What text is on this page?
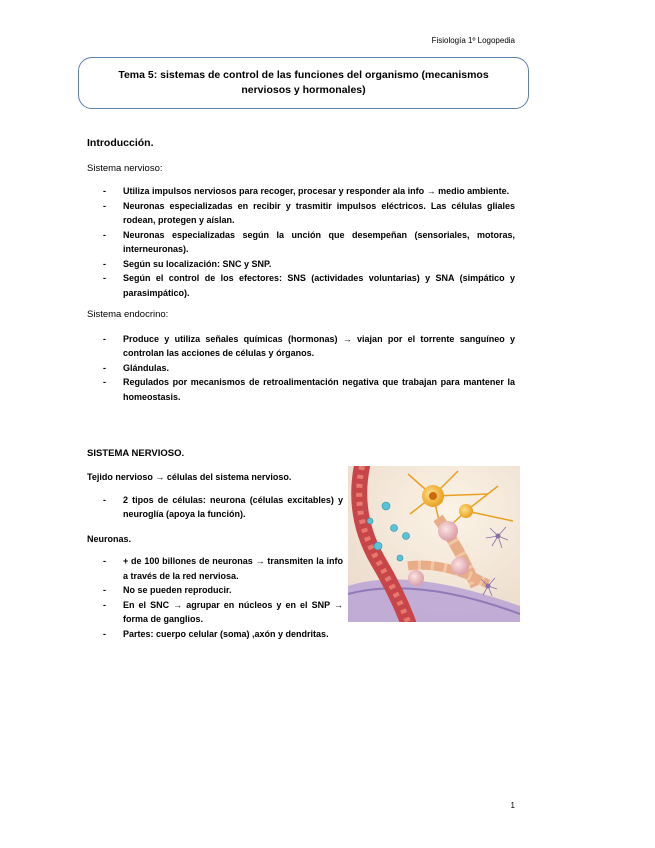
Fisiología 1º Logopedia
Tema 5: sistemas de control de las funciones del organismo (mecanismos nerviosos y hormonales)
Introducción.
Sistema nervioso:
- Utiliza impulsos nerviosos para recoger, procesar y responder ala info → medio ambiente.
- Neuronas especializadas en recibir y trasmitir impulsos eléctricos. Las células gliales rodean, protegen y aíslan.
- Neuronas especializadas según la unción que desempeñan (sensoriales, motoras, interneuronas).
- Según su localización: SNC y SNP.
- Según el control de los efectores: SNS (actividades voluntarias) y SNA (simpático y parasimpático).
Sistema endocrino:
- Produce y utiliza señales químicas (hormonas) → viajan por el torrente sanguíneo y controlan las acciones de células y órganos.
- Glándulas.
- Regulados por mecanismos de retroalimentación negativa que trabajan para mantener la homeostasis.
SISTEMA NERVIOSO.
Tejido nervioso → células del sistema nervioso.
- 2 tipos de células: neurona (células excitables) y neuroglía (apoya la función).
Neuronas.
- + de 100 billones de neuronas → transmiten la info a través de la red nerviosa.
- No se pueden reproducir.
- En el SNC → agrupar en núcleos y en el SNP → forma de ganglios.
- Partes: cuerpo celular (soma) ,axón y dendritas.
1
